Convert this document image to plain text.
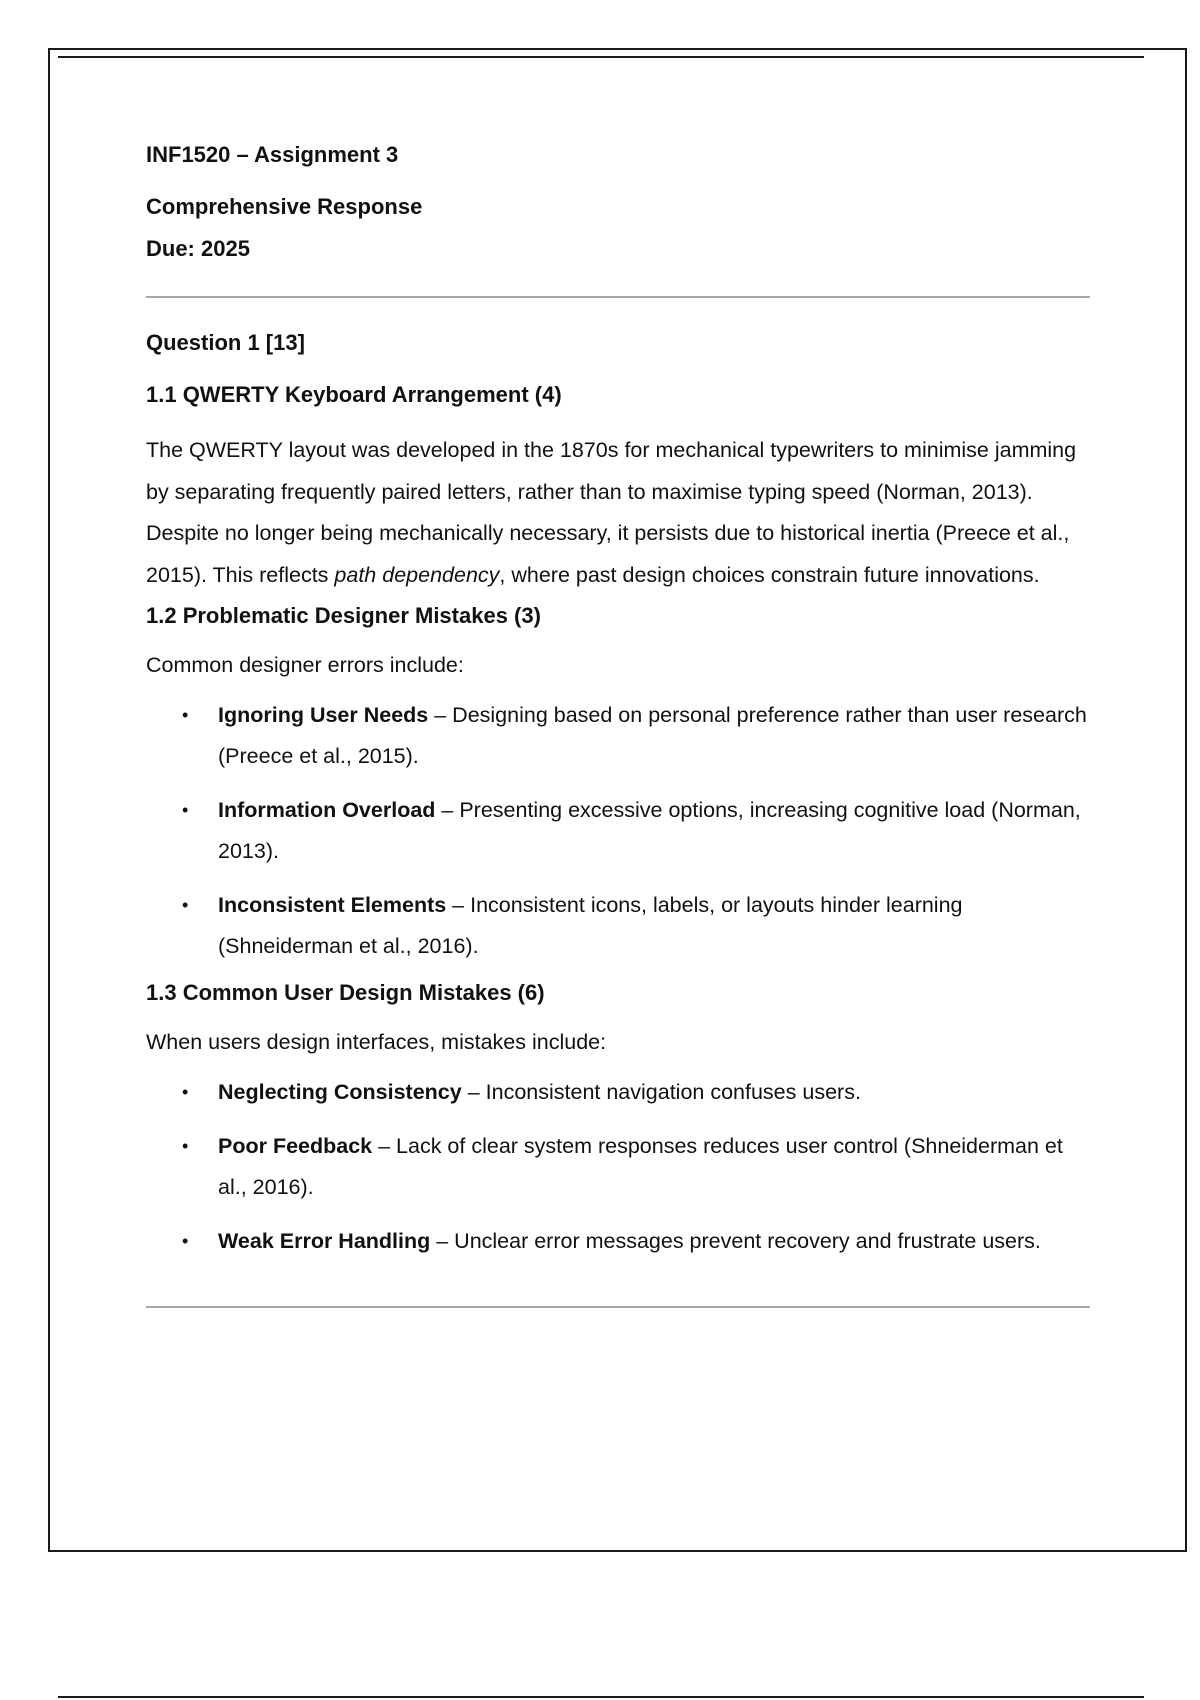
INF1520 – Assignment 3

Comprehensive Response

Due: 2025

Question 1 [13]

1.1 QWERTY Keyboard Arrangement (4)

The QWERTY layout was developed in the 1870s for mechanical typewriters to minimise jamming by separating frequently paired letters, rather than to maximise typing speed (Norman, 2013). Despite no longer being mechanically necessary, it persists due to historical inertia (Preece et al., 2015). This reflects path dependency, where past design choices constrain future innovations.

1.2 Problematic Designer Mistakes (3)

Common designer errors include:

• Ignoring User Needs – Designing based on personal preference rather than user research (Preece et al., 2015).
• Information Overload – Presenting excessive options, increasing cognitive load (Norman, 2013).
• Inconsistent Elements – Inconsistent icons, labels, or layouts hinder learning (Shneiderman et al., 2016).

1.3 Common User Design Mistakes (6)

When users design interfaces, mistakes include:

• Neglecting Consistency – Inconsistent navigation confuses users.
• Poor Feedback – Lack of clear system responses reduces user control (Shneiderman et al., 2016).
• Weak Error Handling – Unclear error messages prevent recovery and frustrate users.
